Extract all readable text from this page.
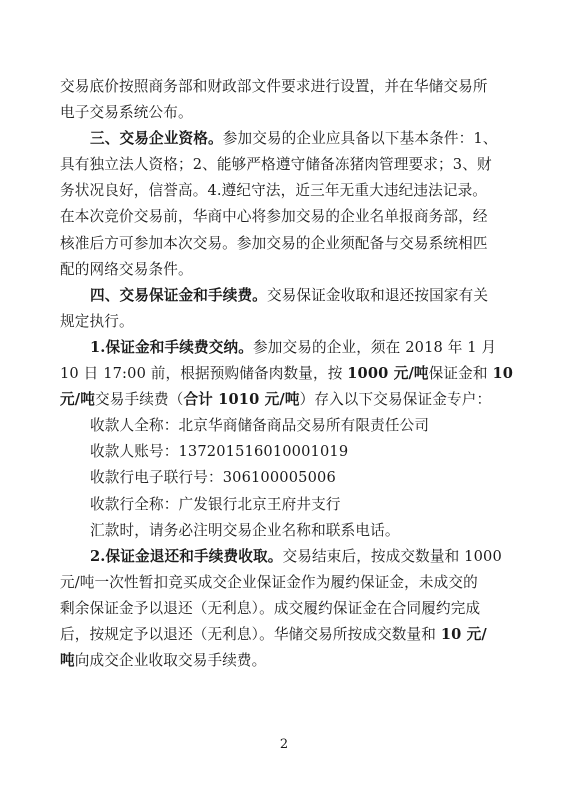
交易底价按照商务部和财政部文件要求进行设置，并在华储交易所
电子交易系统公布。
三、交易企业资格。参加交易的企业应具备以下基本条件：1、
具有独立法人资格；2、能够严格遵守储备冻猪肉管理要求；3、财
务状况良好，信誉高。4.遵纪守法，近三年无重大违纪违法记录。
在本次竞价交易前，华商中心将参加交易的企业名单报商务部，经
核准后方可参加本次交易。参加交易的企业须配备与交易系统相匹
配的网络交易条件。
四、交易保证金和手续费。交易保证金收取和退还按国家有关
规定执行。
1.保证金和手续费交纳。参加交易的企业，须在 2018 年 1 月
10 日 17:00 前，根据预购储备肉数量，按 1000 元/吨保证金和 10
元/吨交易手续费（合计 1010 元/吨）存入以下交易保证金专户：
收款人全称：北京华商储备商品交易所有限责任公司
收款人账号：137201516010001019
收款行电子联行号：306100005006
收款行全称：广发银行北京王府井支行
汇款时，请务必注明交易企业名称和联系电话。
2.保证金退还和手续费收取。交易结束后，按成交数量和 1000
元/吨一次性暂扣竞买成交企业保证金作为履约保证金，未成交的
剩余保证金予以退还（无利息）。成交履约保证金在合同履约完成
后，按规定予以退还（无利息）。华储交易所按成交数量和 10 元/
吨向成交企业收取交易手续费。
2
